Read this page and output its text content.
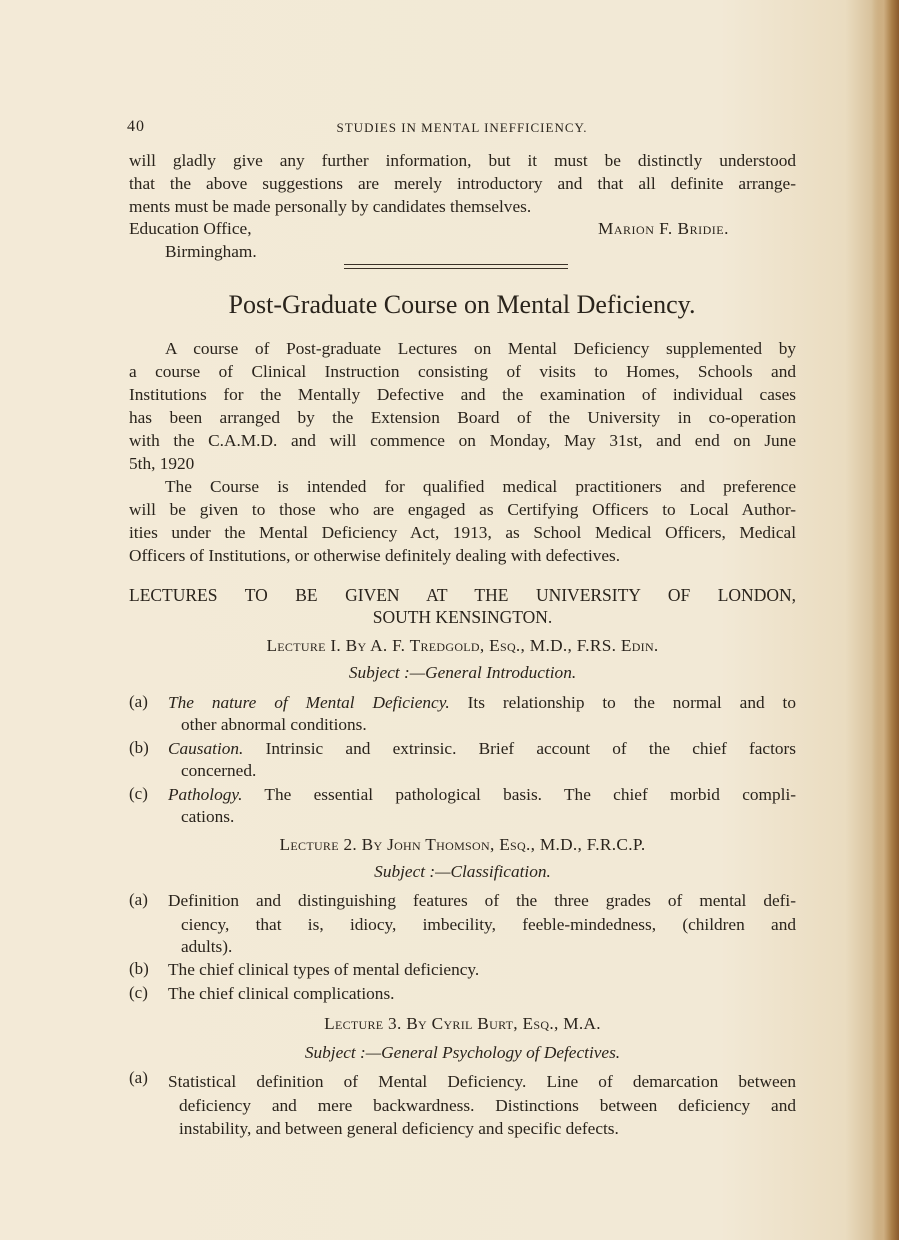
40	STUDIES IN MENTAL INEFFICIENCY.
will gladly give any further information, but it must be distinctly understood
that the above suggestions are merely introductory and that all definite arrange-
ments must be made personally by candidates themselves.
Education Office,	Marion F. Bridie.
Birmingham.
Post-Graduate Course on Mental Deficiency.
A course of Post-graduate Lectures on Mental Deficiency supplemented by
a course of Clinical Instruction consisting of visits to Homes, Schools and
Institutions for the Mentally Defective and the examination of individual cases
has been arranged by the Extension Board of the University in co-operation
with the C.A.M.D. and will commence on Monday, May 31st, and end on June
5th, 1920
The Course is intended for qualified medical practitioners and preference
will be given to those who are engaged as Certifying Officers to Local Author-
ities under the Mental Deficiency Act, 1913, as School Medical Officers, Medical
Officers of Institutions, or otherwise definitely dealing with defectives.
LECTURES TO BE GIVEN AT THE UNIVERSITY OF LONDON,
SOUTH KENSINGTON.
Lecture I. By A. F. Tredgold, Esq., M.D., F.RS. Edin.
Subject :—General Introduction.
(a) The nature of Mental Deficiency. Its relationship to the normal and to
other abnormal conditions.
(b) Causation. Intrinsic and extrinsic. Brief account of the chief factors
concerned.
(c) Pathology. The essential pathological basis. The chief morbid compli-
cations.
Lecture 2. By John Thomson, Esq., M.D., F.R.C.P.
Subject :—Classification.
(a) Definition and distinguishing features of the three grades of mental defi-
ciency, that is, idiocy, imbecility, feeble-mindedness, (children and
adults).
(b) The chief clinical types of mental deficiency.
(c) The chief clinical complications.
Lecture 3. By Cyril Burt, Esq., M.A.
Subject :—General Psychology of Defectives.
(a) Statistical definition of Mental Deficiency. Line of demarcation between
deficiency and mere backwardness. Distinctions between deficiency and
instability, and between general deficiency and specific defects.
